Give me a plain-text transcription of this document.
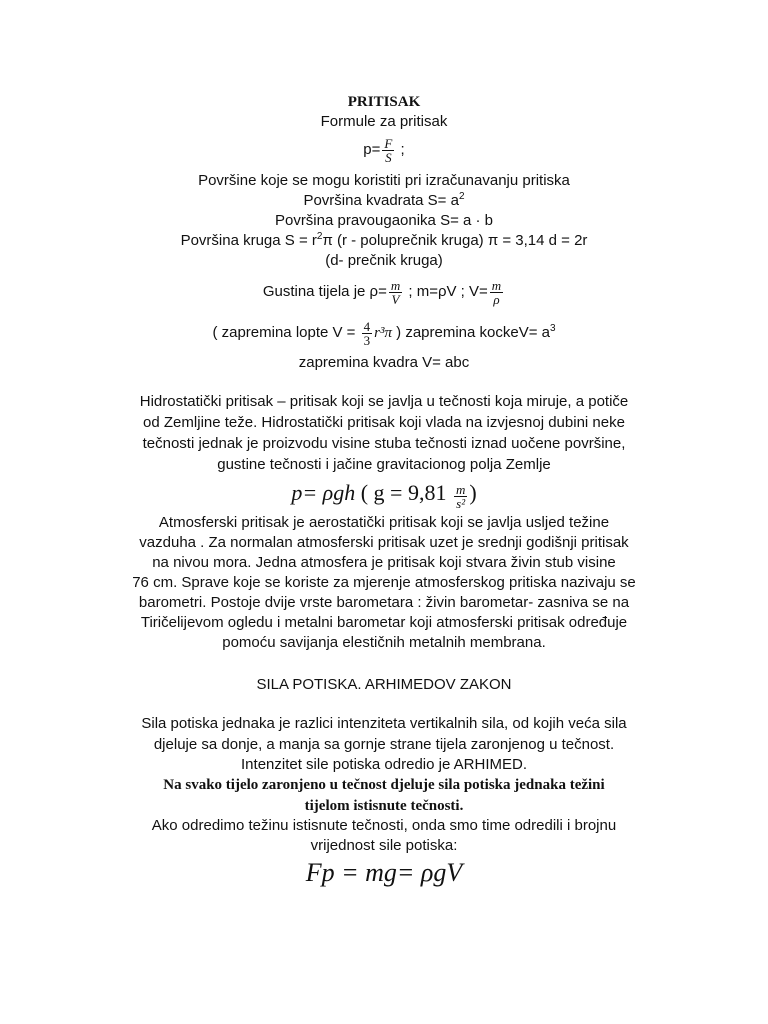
PRITISAK
Formule za pritisak
$p= \frac{F}{S}$ ;
Površine koje se mogu koristiti pri izračunavanju pritiska
Površina kvadrata $S= a^2$
Površina pravougaonika S= a · b
Površina kruga $S = r^2\pi$ (r - poluprečnik kruga) π = 3,14 d = 2r
(d- prečnik kruga)
Gustina tijela je $\rho= \frac{m}{V}$ ; m=ρV ; $V= \frac{m}{\rho}$
( zapremina lopte $V = \frac{4}{3} r^3\pi$ ) zapremina kockeV= $a^3$
zapremina kvadra V= abc
Hidrostatički pritisak – pritisak koji se javlja u tečnosti koja miruje, a potiče
od Zemljine teže. Hidrostatički pritisak koji vlada na izvjesnoj dubini neke
tečnosti jednak je proizvodu visine stuba tečnosti iznad uočene površine,
gustine tečnosti i jačine gravitacionog polja Zemlje
p= ρgh ( $g = 9,81 \frac{m}{\text{s²}}$ )
Atmosferski pritisak je aerostatički pritisak koji se javlja usljed težine
vazduha . Za normalan atmosferski pritisak uzet je srednji godišnji pritisak
na nivou mora. Jedna atmosfera je pritisak koji stvara živin stub visine
76 cm. Sprave koje se koriste za mjerenje atmosferskog pritiska nazivaju se
barometri. Postoje dvije vrste barometara : živin barometar- zasniva se na
Tiričelijevom ogledu i metalni barometar koji atmosferski pritisak određuje
pomoću savijanja elestičnih metalnih membrana.
SILA POTISKA. ARHIMEDOV ZAKON
Sila potiska jednaka je razlici intenziteta vertikalnih sila, od kojih veća sila
djeluje sa donje, a manja sa gornje strane tijela zaronjenog u tečnost.
Intenzitet sile potiska odredio je ARHIMED.
Na svako tijelo zaronjeno u tečnost djeluje sila potiska jednaka težini
tijelom istisnute tečnosti.
Ako odredimo težinu istisnute tečnosti, onda smo time odredili i brojnu
vrijednost sile potiska:
Fp = mg= ρgV
